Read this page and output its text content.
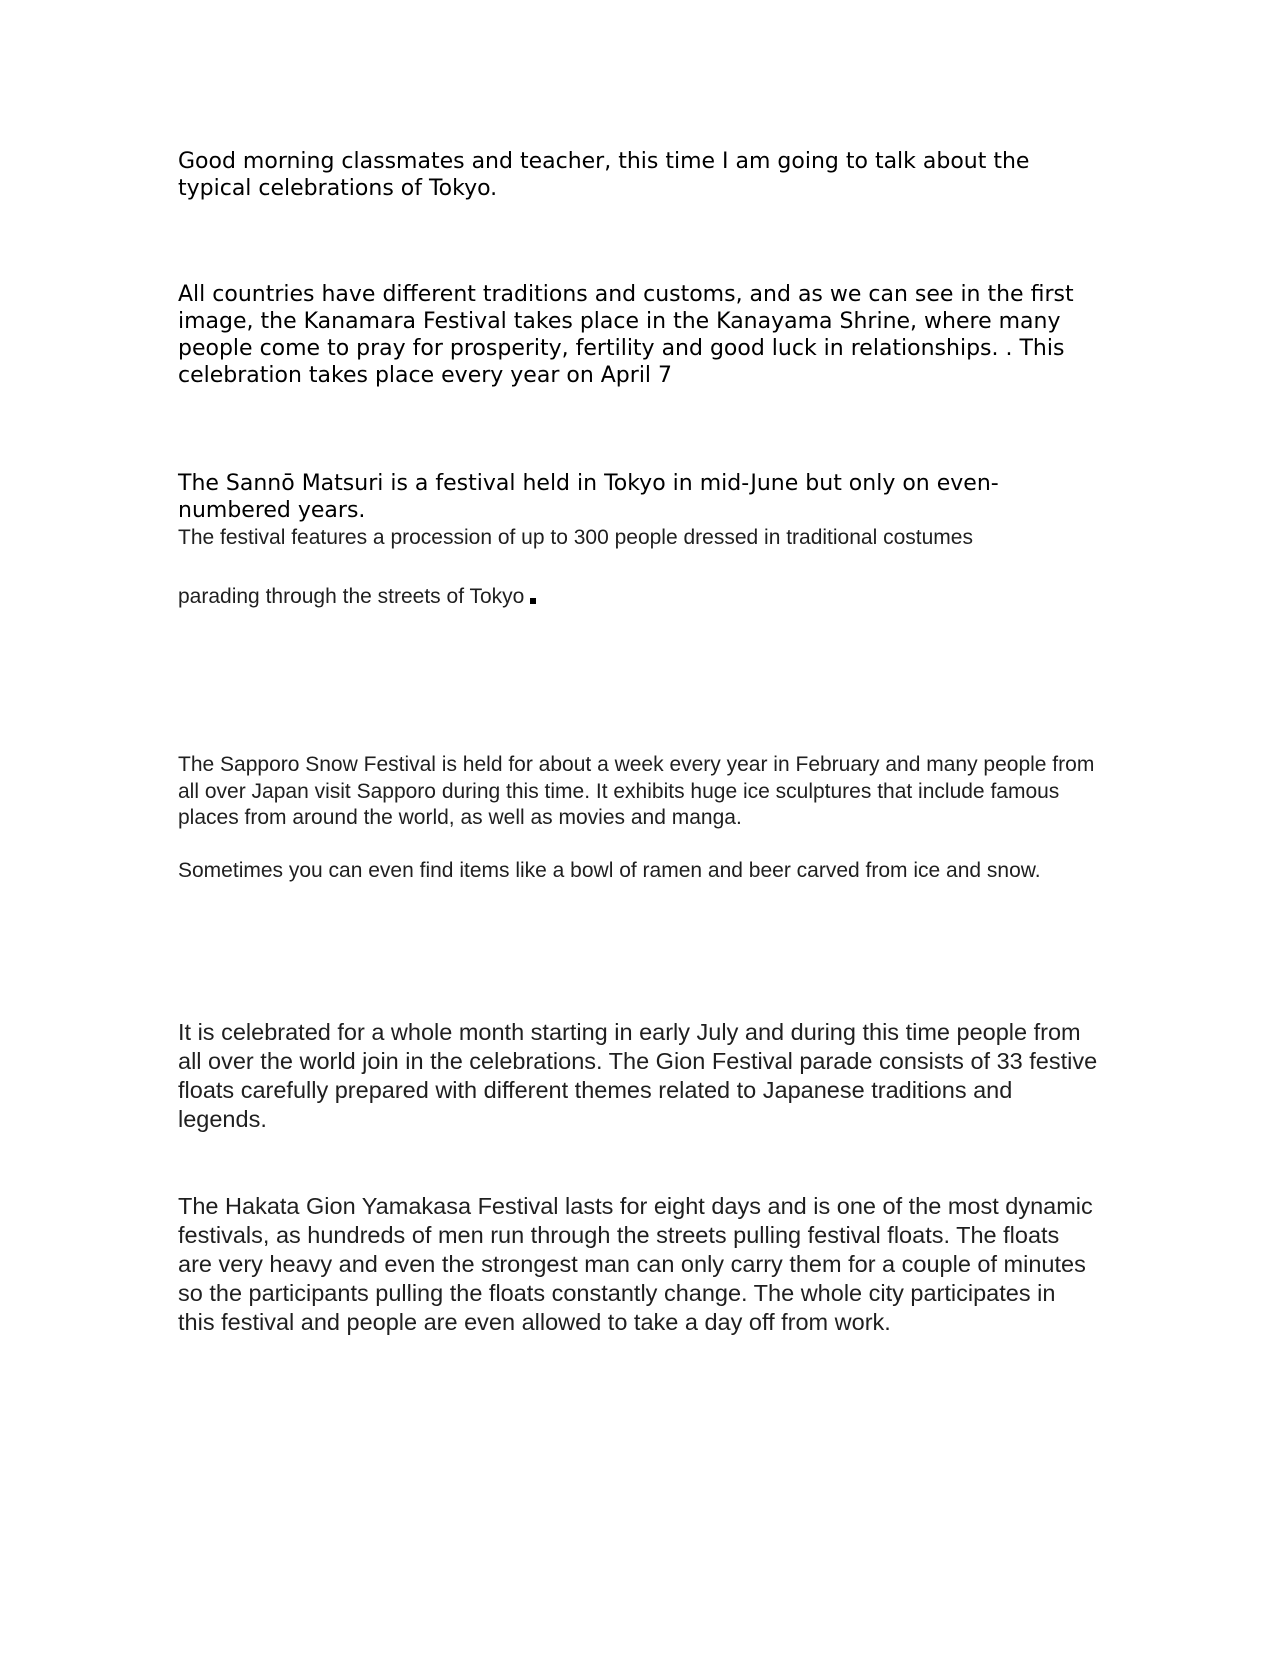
Good morning classmates and teacher, this time I am going to talk about the typical celebrations of Tokyo.

All countries have different traditions and customs, and as we can see in the first image, the Kanamara Festival takes place in the Kanayama Shrine, where many people come to pray for prosperity, fertility and good luck in relationships. . This celebration takes place every year on April 7

The Sannō Matsuri is a festival held in Tokyo in mid-June but only on even-numbered years.

The festival features a procession of up to 300 people dressed in traditional costumes

parading through the streets of Tokyo

The Sapporo Snow Festival is held for about a week every year in February and many people from all over Japan visit Sapporo during this time. It exhibits huge ice sculptures that include famous places from around the world, as well as movies and manga.

Sometimes you can even find items like a bowl of ramen and beer carved from ice and snow.

It is celebrated for a whole month starting in early July and during this time people from all over the world join in the celebrations. The Gion Festival parade consists of 33 festive floats carefully prepared with different themes related to Japanese traditions and legends.

The Hakata Gion Yamakasa Festival lasts for eight days and is one of the most dynamic festivals, as hundreds of men run through the streets pulling festival floats. The floats are very heavy and even the strongest man can only carry them for a couple of minutes so the participants pulling the floats constantly change. The whole city participates in this festival and people are even allowed to take a day off from work.
